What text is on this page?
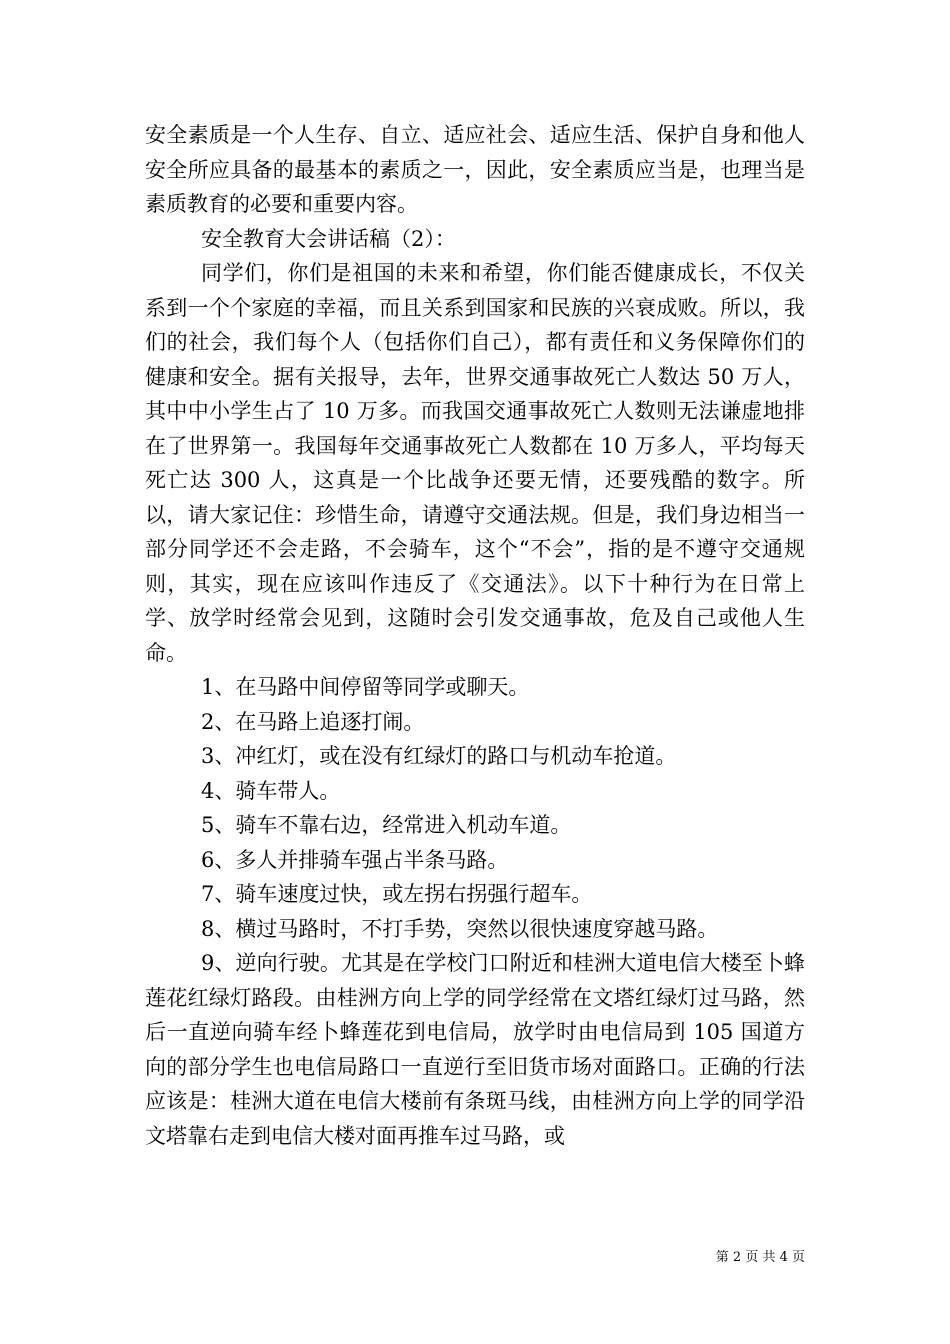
安全素质是一个人生存、自立、适应社会、适应生活、保护自身和他人安全所应具备的最基本的素质之一，因此，安全素质应当是，也理当是素质教育的必要和重要内容。

安全教育大会讲话稿（2）：

同学们，你们是祖国的未来和希望，你们能否健康成长，不仅关系到一个个家庭的幸福，而且关系到国家和民族的兴衰成败。所以，我们的社会，我们每个人（包括你们自己），都有责任和义务保障你们的健康和安全。据有关报导，去年，世界交通事故死亡人数达 50 万人，其中中小学生占了 10 万多。而我国交通事故死亡人数则无法谦虚地排在了世界第一。我国每年交通事故死亡人数都在 10 万多人，平均每天死亡达 300 人，这真是一个比战争还要无情，还要残酷的数字。所以，请大家记住：珍惜生命，请遵守交通法规。但是，我们身边相当一部分同学还不会走路，不会骑车，这个“不会”，指的是不遵守交通规则，其实，现在应该叫作违反了《交通法》。以下十种行为在日常上学、放学时经常会见到，这随时会引发交通事故，危及自己或他人生命。

1、在马路中间停留等同学或聊天。

2、在马路上追逐打闹。

3、冲红灯，或在没有红绿灯的路口与机动车抢道。

4、骑车带人。

5、骑车不靠右边，经常进入机动车道。

6、多人并排骑车强占半条马路。

7、骑车速度过快，或左拐右拐强行超车。

8、横过马路时，不打手势，突然以很快速度穿越马路。

9、逆向行驶。尤其是在学校门口附近和桂洲大道电信大楼至卜蜂莲花红绿灯路段。由桂洲方向上学的同学经常在文塔红绿灯过马路，然后一直逆向骑车经卜蜂莲花到电信局，放学时由电信局到 105 国道方向的部分学生也电信局路口一直逆行至旧货市场对面路口。正确的行法应该是：桂洲大道在电信大楼前有条斑马线，由桂洲方向上学的同学沿文塔靠右走到电信大楼对面再推车过马路，或

第 2 页 共 4 页
